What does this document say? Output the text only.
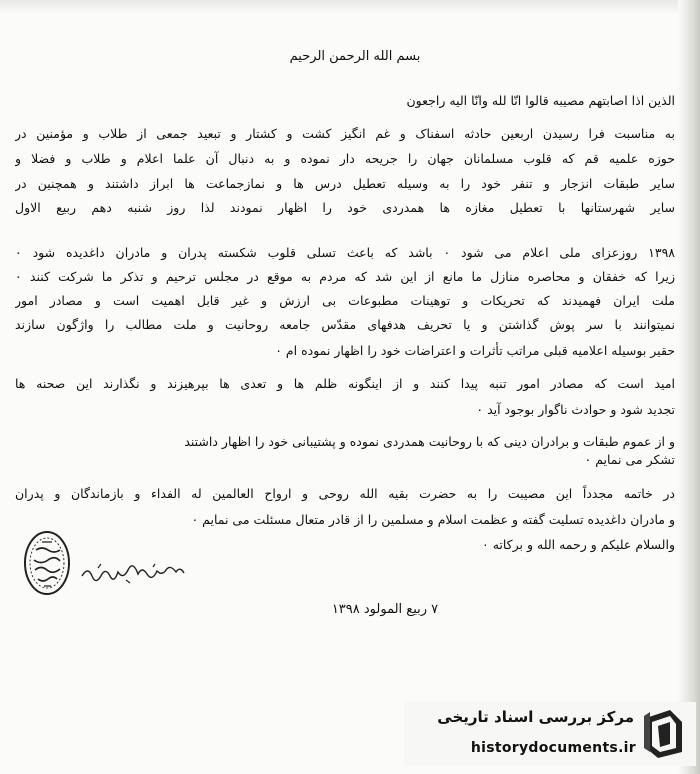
بسم الله الرحمن الرحیم
الذین اذا اصابتهم مصیبه قالوا انّا لله وانّا الیه راجعون
به مناسبت فرا رسیدن اربعین حادثه اسفناک و غم انگیز کشت و کشتار و تبعید جمعی از طلاب و مؤمنین در
حوزه علمیه قم که قلوب مسلمانان جهان را جریحه دار نموده و به دنبال آن علما اعلام و طلاب و فضلا و
سایر طبقات انزجار و تنفر خود را به وسیله تعطیل درس ها و نمازجماعت ها ابراز داشتند و همچنین در
سایر شهرستانها با تعطیل مغازه ها همدردی خود را اظهار نمودند لذا روز شنبه دهم ربیع الاول
۱۳۹۸ روزعزای ملی اعلام می شود ۰ باشد که باعث تسلی قلوب شکسته پدران و مادران داغدیده شود ۰
زیرا که خفقان و محاصره منازل ما مانع از این شد که مردم به موقع در مجلس ترحیم و تذکر ما شرکت کنند ۰
ملت ایران فهمیدند که تحریکات و توهینات مطبوعات بی ارزش و غیر قابل اهمیت است و مصادر امور
نمیتوانند با سر پوش گذاشتن و یا تحریف هدفهای مقدّس جامعه روحانیت و ملت مطالب را واژگون سازند
حقیر بوسیله اعلامیه قبلی مراتب تأثرات و اعتراضات خود را اظهار نموده ام ۰
امید است که مصادر امور تنبه پیدا کنند و از اینگونه ظلم ها و تعدی ها بپرهیزند و نگذارند این صحنه ها
تجدید شود و حوادث ناگوار بوجود آید ۰
و از عموم طبقات و برادران دینی که با روحانیت همدردی نموده و پشتیبانی خود را اظهار داشتند
تشکر می نمایم ۰
در خاتمه مجدداً این مصیبت را به حضرت بقیه الله روحی و ارواح العالمین له الفداء و بازماندگان و پدران
و مادران داغدیده تسلیت گفته و عظمت اسلام و مسلمین را از قادر متعال مسئلت می نمایم ۰
والسلام علیکم و رحمه الله و برکاته ۰
۷ ربیع المولود ۱۳۹۸
مرکز بررسی اسناد تاریخی
historydocuments.ir
